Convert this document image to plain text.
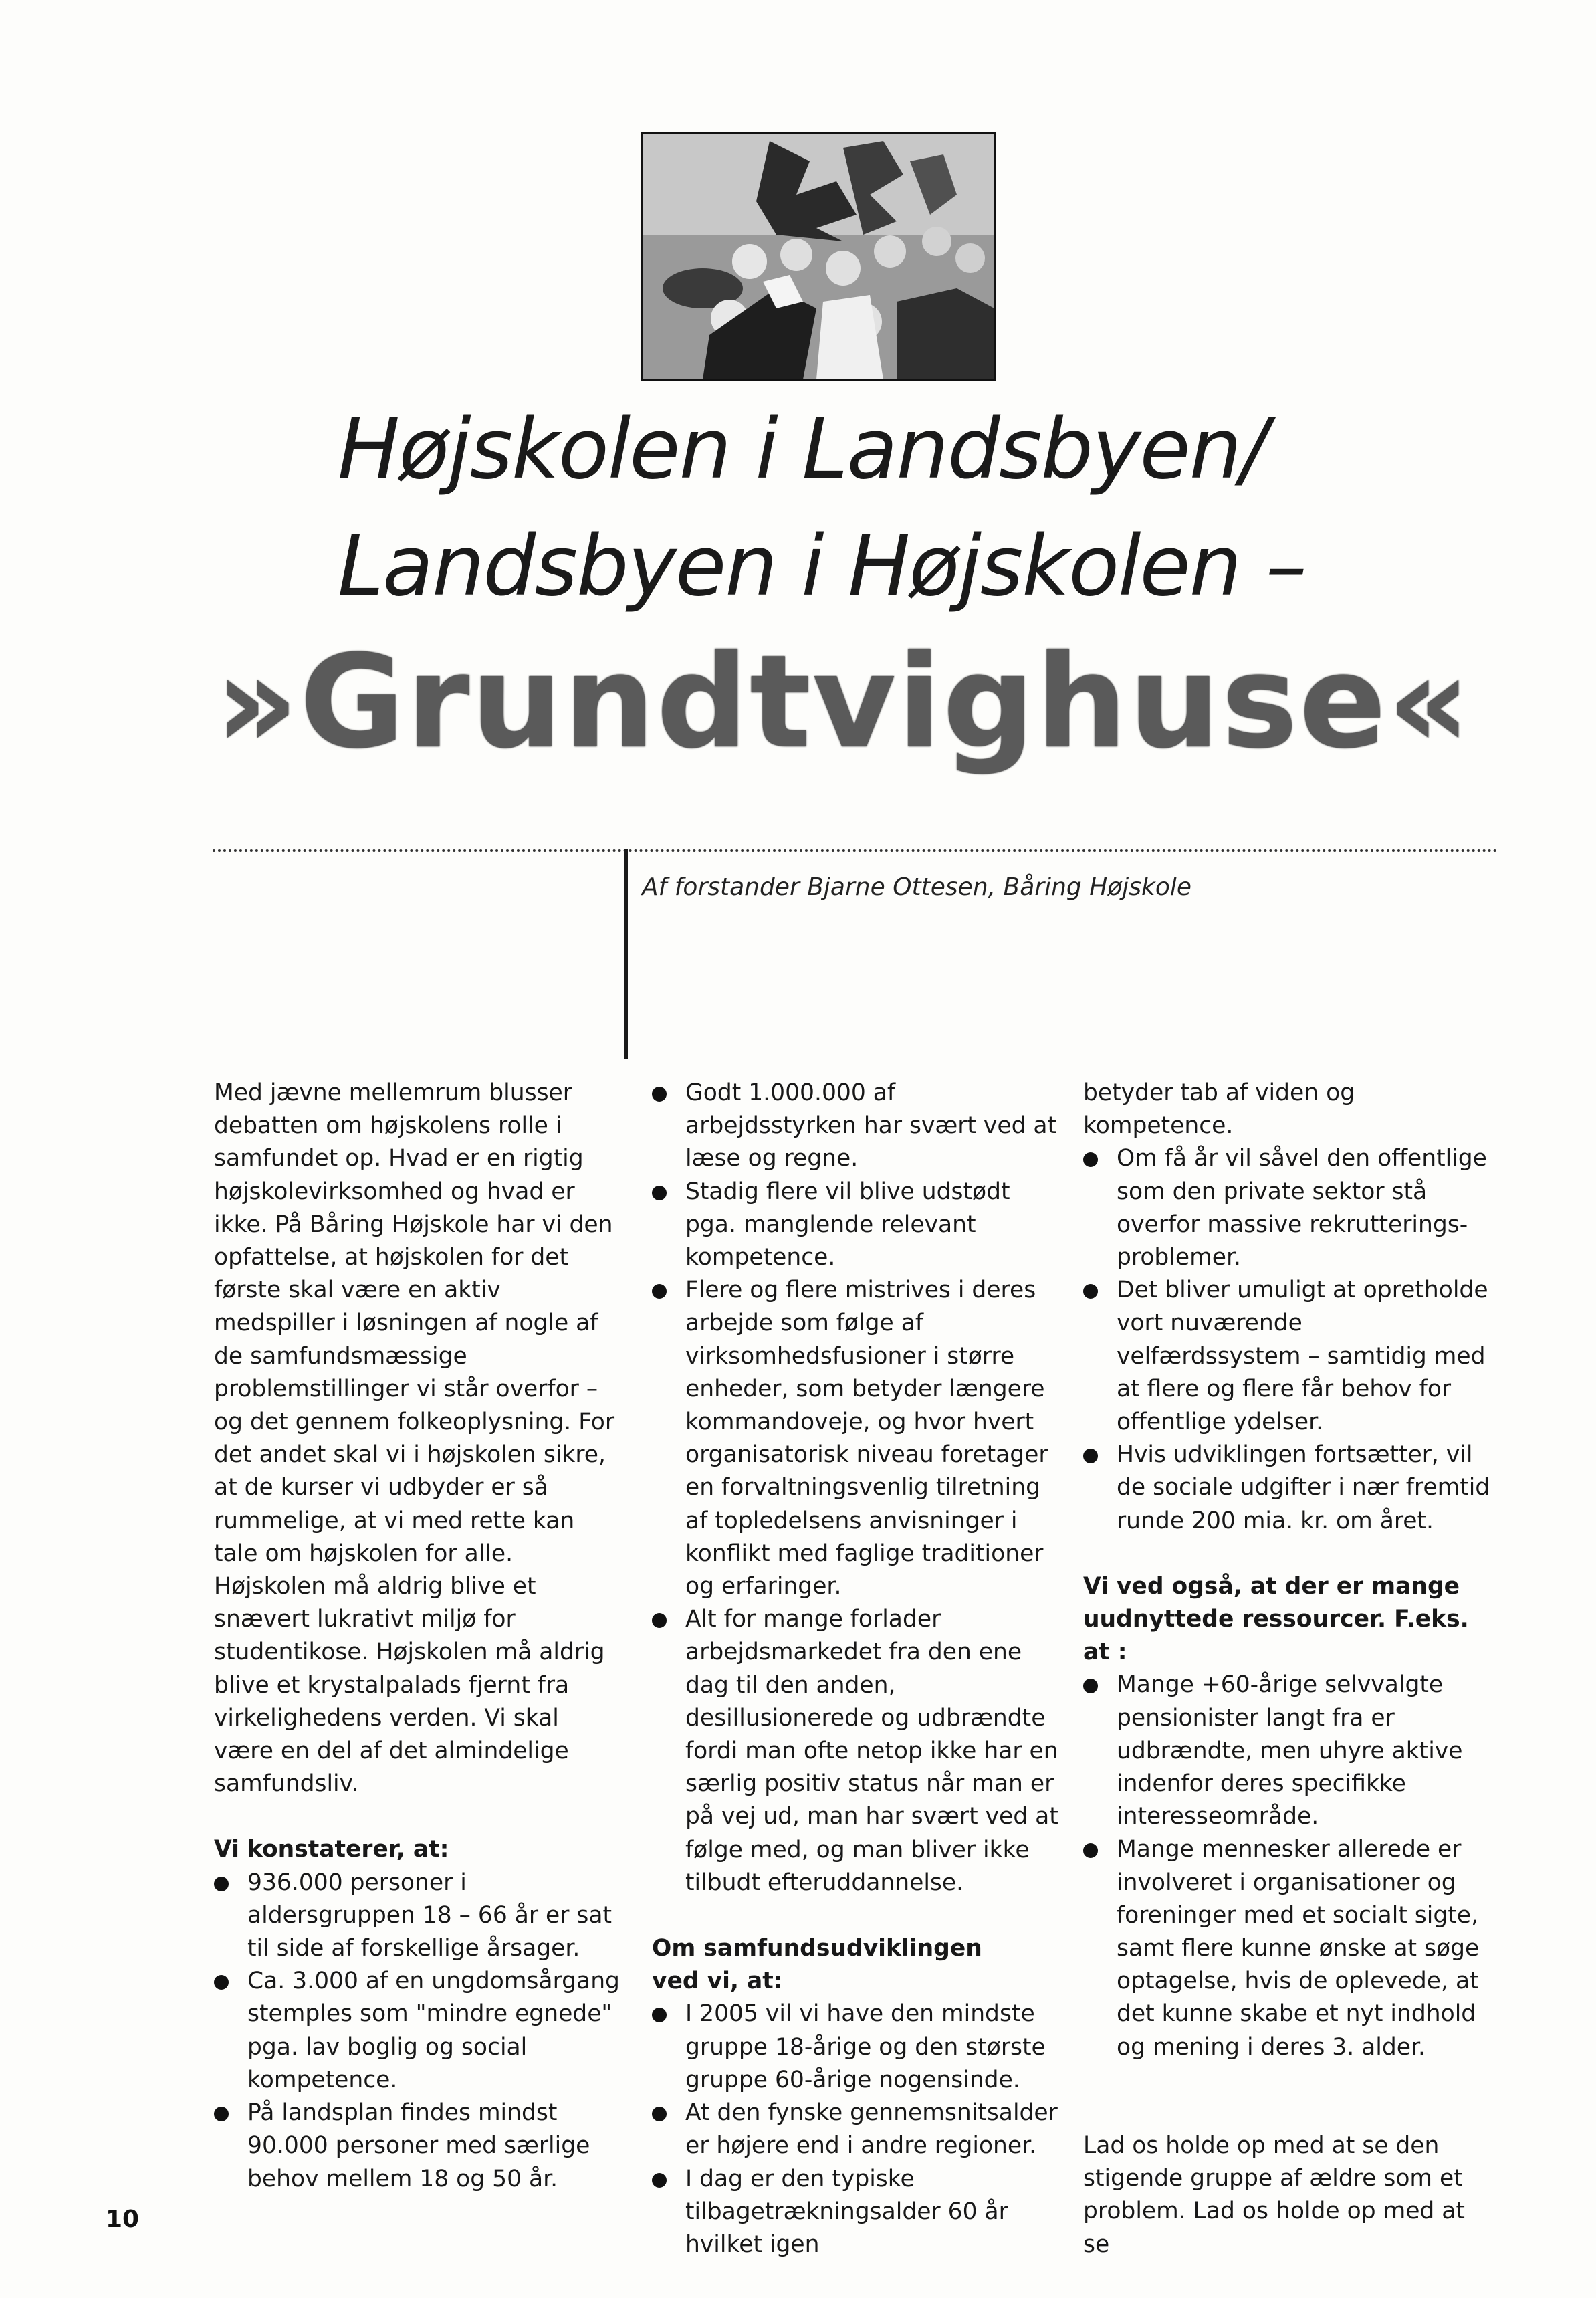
Højskolen i Landsbyen/
Landsbyen i Højskolen –
»Grundtvighuse«
Af forstander Bjarne Ottesen, Båring Højskole

Med jævne mellemrum blusser debatten om højskolens rolle i samfundet op. Hvad er en rigtig højskolevirksomhed og hvad er ikke. På Båring Højskole har vi den opfattelse, at højskolen for det første skal være en aktiv medspiller i løsningen af nogle af de samfundsmæssige problemstillinger vi står overfor – og det gennem folkeoplysning. For det andet skal vi i højskolen sikre, at de kurser vi udbyder er så rummelige, at vi med rette kan tale om højskolen for alle. Højskolen må aldrig blive et snævert lukrativt miljø for studentikose. Højskolen må aldrig blive et krystalpalads fjernt fra virkelighedens verden. Vi skal være en del af det almindelige samfundsliv.

Vi konstaterer, at:
936.000 personer i aldersgruppen 18 – 66 år er sat til side af forskellige årsager.
Ca. 3.000 af en ungdomsårgang stemples som "mindre egnede" pga. lav boglig og social kompetence.
På landsplan findes mindst 90.000 personer med særlige behov mellem 18 og 50 år.
Godt 1.000.000 af arbejdsstyrken har svært ved at læse og regne.
Stadig flere vil blive udstødt pga. manglende relevant kompetence.
Flere og flere mistrives i deres arbejde som følge af virksomhedsfusioner i større enheder, som betyder længere kommandoveje, og hvor hvert organisatorisk niveau foretager en forvaltningsvenlig tilretning af topledelsens anvisninger i konflikt med faglige traditioner og erfaringer.
Alt for mange forlader arbejdsmarkedet fra den ene dag til den anden, desillusionerede og udbrændte fordi man ofte netop ikke har en særlig positiv status når man er på vej ud, man har svært ved at følge med, og man bliver ikke tilbudt efteruddannelse.
Om samfundsudviklingen
ved vi, at:
I 2005 vil vi have den mindste gruppe 18-årige og den største gruppe 60-årige nogensinde.
At den fynske gennemsnitsalder er højere end i andre regioner.
I dag er den typiske tilbagetrækningsalder 60 år hvilket igen

betyder tab af viden og kompetence.

Om få år vil såvel den offentlige som den private sektor stå overfor massive rekrutterings-problemer.
Det bliver umuligt at opretholde vort nuværende velfærdssystem – samtidig med at flere og flere får behov for offentlige ydelser.
Hvis udviklingen fortsætter, vil de sociale udgifter i nær fremtid runde 200 mia. kr. om året.
Vi ved også, at der er mange
uudnyttede ressourcer. F.eks. at :
Mange +60-årige selvvalgte pensionister langt fra er udbrændte, men uhyre aktive indenfor deres specifikke interesseområde.
Mange mennesker allerede er involveret i organisationer og foreninger med et socialt sigte, samt flere kunne ønske at søge optagelse, hvis de oplevede, at det kunne skabe et nyt indhold og mening i deres 3. alder.

Lad os holde op med at se den stigende gruppe af ældre som et problem. Lad os holde op med at se

10
